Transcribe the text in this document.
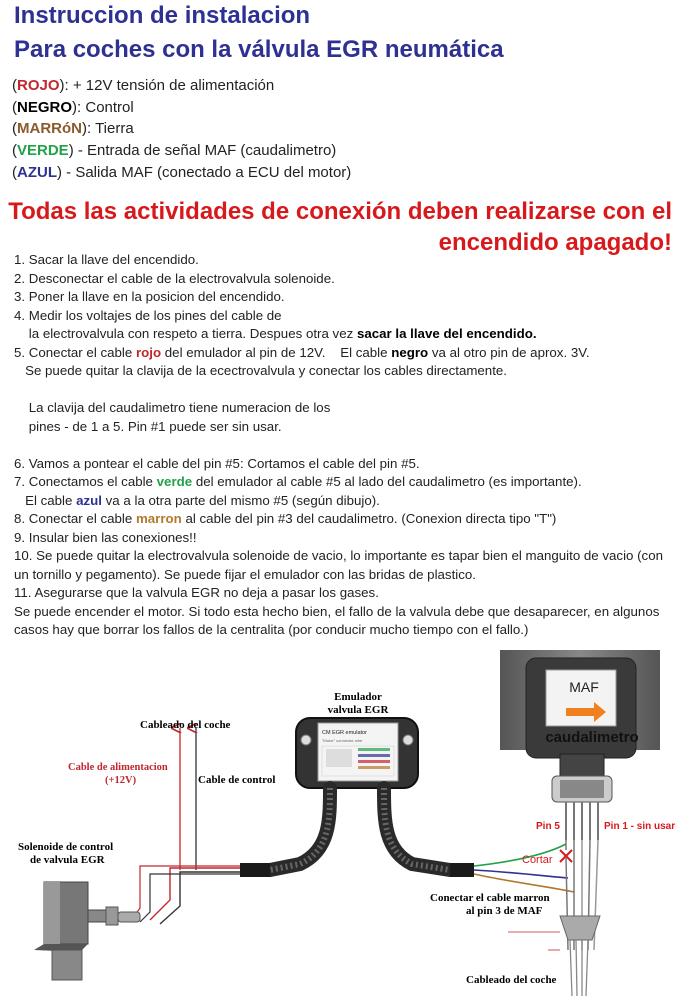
Instruccion de instalacion
Para coches con la válvula EGR neumática
(ROJO): + 12V tensión de alimentación
(NEGRO): Control
(MARRóN): Tierra
(VERDE) - Entrada de señal MAF (caudalimetro)
(AZUL) - Salida MAF (conectado a ECU del motor)
Todas las actividades de conexión deben realizarse con el encendido apagado!
1. Sacar la llave del encendido.
2. Desconectar el cable de la electrovalvula solenoide.
3. Poner la llave en la posicion del encendido.
4. Medir los voltajes de los pines del cable de
la electrovalvula con respeto a tierra. Despues otra vez sacar la llave del encendido.
5. Conectar el cable rojo del emulador al pin de 12V.    El cable negro va al otro pin de aprox. 3V.
Se puede quitar la clavija de la ecectrovalvula y conectar los cables directamente.
La clavija del caudalimetro tiene numeracion de los
pines - de 1 a 5. Pin #1 puede ser sin usar.
6. Vamos a pontear el cable del pin #5: Cortamos el cable del pin #5.
7. Conectamos el cable verde del emulador al cable #5 al lado del caudalimetro (es importante).
El cable azul va a la otra parte del mismo #5 (según dibujo).
8. Conectar el cable marron al cable del pin #3 del caudalimetro. (Conexion directa tipo "T")
9. Insular bien las conexiones!!
10. Se puede quitar la electrovalvula solenoide de vacio, lo importante es tapar bien el manguito de vacio (con un tornillo y pegamento). Se puede fijar el emulador con las bridas de plastico.
11. Asegurarse que la valvula EGR no deja a pasar los gases.
Se puede encender el motor. Si todo esta hecho bien, el fallo de la valvula debe que desaparecer, en algunos casos hay que borrar los fallos de la centralita (por conducir mucho tiempo con el fallo.)
CM EGR emulator
"Motor" connector wire
Emulador
valvula EGR
Cableado del coche
Cable de alimentacion
(+12V)	Cable de control
Solenoide de control
de valvula EGR
MAF
caudalimetro
Pin 5	Pin 1 - sin usar
Cortar
Conectar el cable marron
al pin 3 de MAF
Cableado del coche
